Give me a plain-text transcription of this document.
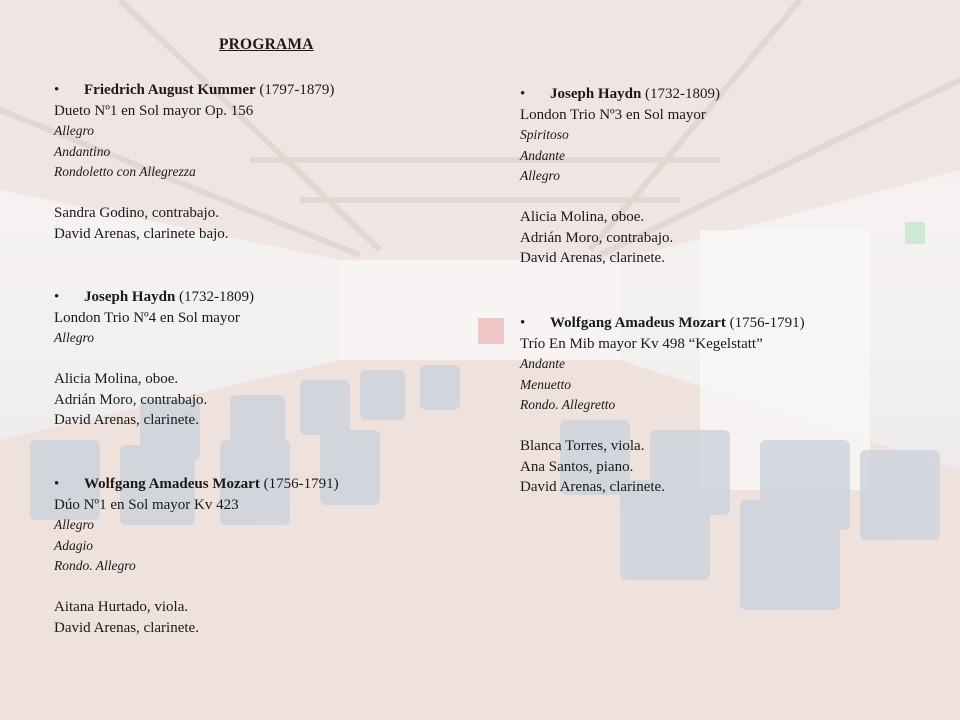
PROGRAMA
• Friedrich August Kummer (1797-1879)
Dueto Nº1 en Sol mayor Op. 156
Allegro
Andantino
Rondoletto con Allegrezza
Sandra Godino, contrabajo.
David Arenas, clarinete bajo.
• Joseph Haydn (1732-1809)
London Trio Nº4 en Sol mayor
Allegro
Alicia Molina, oboe.
Adrián Moro, contrabajo.
David Arenas, clarinete.
• Wolfgang Amadeus Mozart (1756-1791)
Dúo Nº1 en Sol mayor Kv 423
Allegro
Adagio
Rondo. Allegro
Aitana Hurtado, viola.
David Arenas, clarinete.
• Joseph Haydn (1732-1809)
London Trio Nº3 en Sol mayor
Spiritoso
Andante
Allegro
Alicia Molina, oboe.
Adrián Moro, contrabajo.
David Arenas, clarinete.
• Wolfgang Amadeus Mozart (1756-1791)
Trío En Mib mayor Kv 498 “Kegelstatt”
Andante
Menuetto
Rondo. Allegretto
Blanca Torres, viola.
Ana Santos, piano.
David Arenas, clarinete.
